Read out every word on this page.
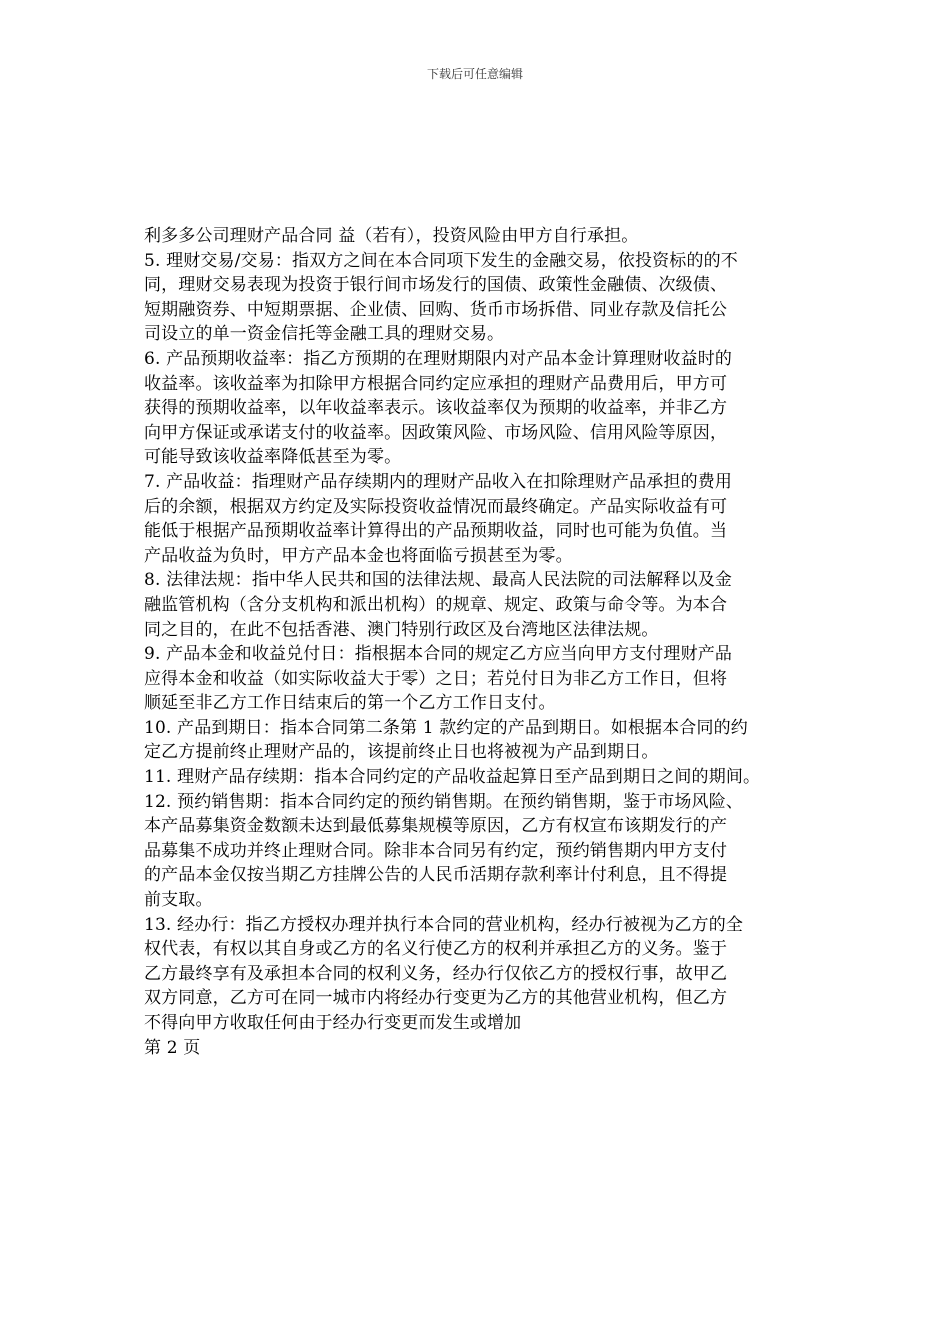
下载后可任意编辑
利多多公司理财产品合同 益（若有），投资风险由甲方自行承担。
5. 理财交易/交易：指双方之间在本合同项下发生的金融交易，依投资标的的不
同，理财交易表现为投资于银行间市场发行的国债、政策性金融债、次级债、
短期融资券、中短期票据、企业债、回购、货币市场拆借、同业存款及信托公
司设立的单一资金信托等金融工具的理财交易。
6. 产品预期收益率：指乙方预期的在理财期限内对产品本金计算理财收益时的
收益率。该收益率为扣除甲方根据合同约定应承担的理财产品费用后，甲方可
获得的预期收益率，以年收益率表示。该收益率仅为预期的收益率，并非乙方
向甲方保证或承诺支付的收益率。因政策风险、市场风险、信用风险等原因，
可能导致该收益率降低甚至为零。
7. 产品收益：指理财产品存续期内的理财产品收入在扣除理财产品承担的费用
后的余额，根据双方约定及实际投资收益情况而最终确定。产品实际收益有可
能低于根据产品预期收益率计算得出的产品预期收益，同时也可能为负值。当
产品收益为负时，甲方产品本金也将面临亏损甚至为零。
8. 法律法规：指中华人民共和国的法律法规、最高人民法院的司法解释以及金
融监管机构（含分支机构和派出机构）的规章、规定、政策与命令等。为本合
同之目的，在此不包括香港、澳门特别行政区及台湾地区法律法规。
9. 产品本金和收益兑付日：指根据本合同的规定乙方应当向甲方支付理财产品
应得本金和收益（如实际收益大于零）之日；若兑付日为非乙方工作日，但将
顺延至非乙方工作日结束后的第一个乙方工作日支付。
10. 产品到期日：指本合同第二条第 1 款约定的产品到期日。如根据本合同的约
定乙方提前终止理财产品的，该提前终止日也将被视为产品到期日。
11. 理财产品存续期：指本合同约定的产品收益起算日至产品到期日之间的期间。
12. 预约销售期：指本合同约定的预约销售期。在预约销售期，鉴于市场风险、
本产品募集资金数额未达到最低募集规模等原因，乙方有权宣布该期发行的产
品募集不成功并终止理财合同。除非本合同另有约定，预约销售期内甲方支付
的产品本金仅按当期乙方挂牌公告的人民币活期存款利率计付利息，且不得提
前支取。
13. 经办行：指乙方授权办理并执行本合同的营业机构，经办行被视为乙方的全
权代表，有权以其自身或乙方的名义行使乙方的权利并承担乙方的义务。鉴于
乙方最终享有及承担本合同的权利义务，经办行仅依乙方的授权行事，故甲乙
双方同意，乙方可在同一城市内将经办行变更为乙方的其他营业机构，但乙方
不得向甲方收取任何由于经办行变更而发生或增加
第 2 页
